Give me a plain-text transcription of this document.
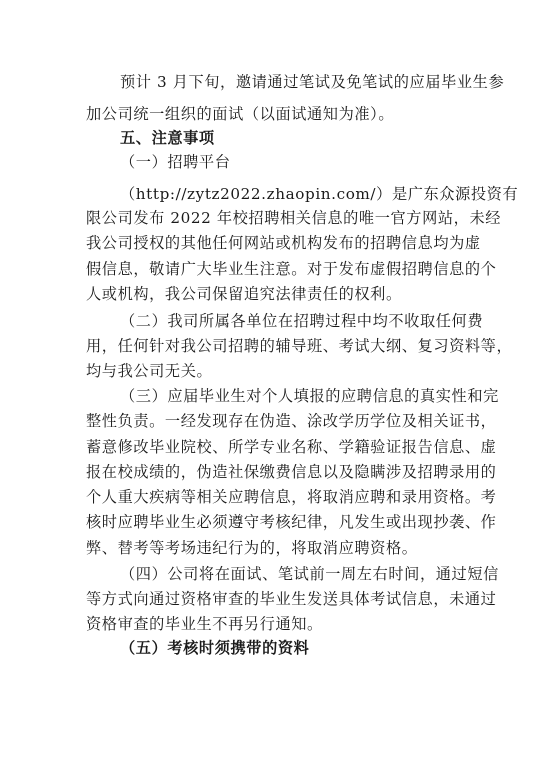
预计 3 月下旬，邀请通过笔试及免笔试的应届毕业生参
加公司统一组织的面试（以面试通知为准）。
五、注意事项
（一）招聘平台
（http://zytz2022.zhaopin.com/）是广东众源投资有
限公司发布 2022 年校招聘相关信息的唯一官方网站，未经
我公司授权的其他任何网站或机构发布的招聘信息均为虚
假信息，敬请广大毕业生注意。对于发布虚假招聘信息的个
人或机构，我公司保留追究法律责任的权利。
（二）我司所属各单位在招聘过程中均不收取任何费
用，任何针对我公司招聘的辅导班、考试大纲、复习资料等，
均与我公司无关。
（三）应届毕业生对个人填报的应聘信息的真实性和完
整性负责。一经发现存在伪造、涂改学历学位及相关证书，
蓄意修改毕业院校、所学专业名称、学籍验证报告信息、虚
报在校成绩的，伪造社保缴费信息以及隐瞒涉及招聘录用的
个人重大疾病等相关应聘信息，将取消应聘和录用资格。考
核时应聘毕业生必须遵守考核纪律，凡发生或出现抄袭、作
弊、替考等考场违纪行为的，将取消应聘资格。
（四）公司将在面试、笔试前一周左右时间，通过短信
等方式向通过资格审查的毕业生发送具体考试信息，未通过
资格审查的毕业生不再另行通知。
（五）考核时须携带的资料
